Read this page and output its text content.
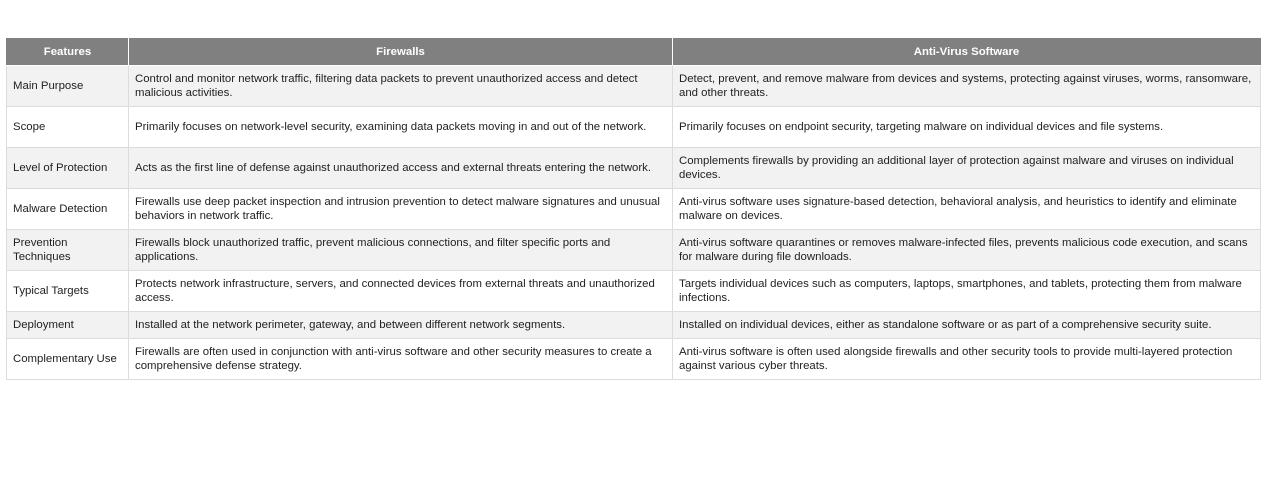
Features	Firewalls	Anti-Virus Software
Main Purpose	Control and monitor network traffic, filtering data packets to prevent unauthorized access and detect malicious activities.	Detect, prevent, and remove malware from devices and systems, protecting against viruses, worms, ransomware, and other threats.
Scope	Primarily focuses on network-level security, examining data packets moving in and out of the network.	Primarily focuses on endpoint security, targeting malware on individual devices and file systems.
Level of Protection	Acts as the first line of defense against unauthorized access and external threats entering the network.	Complements firewalls by providing an additional layer of protection against malware and viruses on individual devices.
Malware Detection	Firewalls use deep packet inspection and intrusion prevention to detect malware signatures and unusual behaviors in network traffic.	Anti-virus software uses signature-based detection, behavioral analysis, and heuristics to identify and eliminate malware on devices.
Prevention Techniques	Firewalls block unauthorized traffic, prevent malicious connections, and filter specific ports and applications.	Anti-virus software quarantines or removes malware-infected files, prevents malicious code execution, and scans for malware during file downloads.
Typical Targets	Protects network infrastructure, servers, and connected devices from external threats and unauthorized access.	Targets individual devices such as computers, laptops, smartphones, and tablets, protecting them from malware infections.
Deployment	Installed at the network perimeter, gateway, and between different network segments.	Installed on individual devices, either as standalone software or as part of a comprehensive security suite.
Complementary Use	Firewalls are often used in conjunction with anti-virus software and other security measures to create a comprehensive defense strategy.	Anti-virus software is often used alongside firewalls and other security tools to provide multi-layered protection against various cyber threats.
